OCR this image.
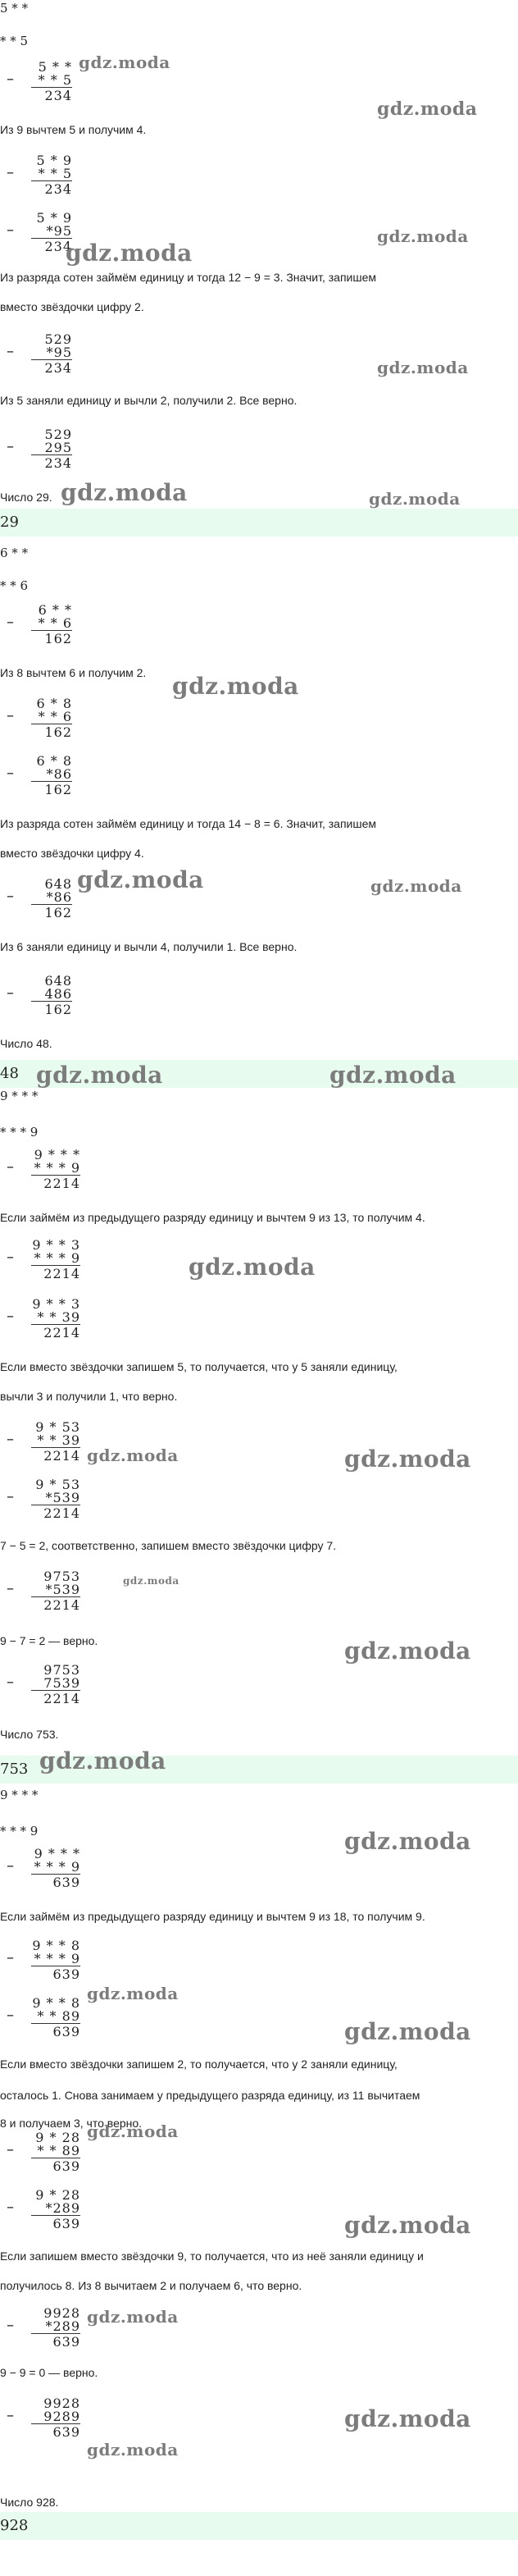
5 * *
* * 5
–
5 * *
* * 5
234
Из 9 вычтем 5 и получим 4.
–
5 * 9
* * 5
234
–
5 * 9
*95
234
Из разряда сотен займём единицу и тогда 12 − 9 = 3. Значит, запишем
вместо звёздочки цифру 2.
–
529
*95
234
Из 5 заняли единицу и вычли 2, получили 2. Все верно.
–
529
295
234
Число 29.
29
6 * *
* * 6
–
6 * *
* * 6
162
Из 8 вычтем 6 и получим 2.
–
6 * 8
* * 6
162
–
6 * 8
*86
162
Из разряда сотен займём единицу и тогда 14 − 8 = 6. Значит, запишем
вместо звёздочки цифру 4.
–
648
*86
162
Из 6 заняли единицу и вычли 4, получили 1. Все верно.
–
648
486
162
Число 48.
48
9 * * *
* * * 9
–
9 * * *
* * * 9
2214
Если займём из предыдущего разряду единицу и вычтем 9 из 13, то получим 4.
–
9 * * 3
* * * 9
2214
–
9 * * 3
* * 39
2214
Если вместо звёздочки запишем 5, то получается, что у 5 заняли единицу,
вычли 3 и получили 1, что верно.
–
9 * 53
* * 39
2214
–
9 * 53
*539
2214
7 − 5 = 2, соответственно, запишем вместо звёздочки цифру 7.
–
9753
*539
2214
9 − 7 = 2 — верно.
–
9753
7539
2214
Число 753.
753
9 * * *
* * * 9
–
9 * * *
* * * 9
639
Если займём из предыдущего разряду единицу и вычтем 9 из 18, то получим 9.
–
9 * * 8
* * * 9
639
–
9 * * 8
* * 89
639
Если вместо звёздочки запишем 2, то получается, что у 2 заняли единицу,
осталось 1. Снова занимаем у предыдущего разряда единицу, из 11 вычитаем
8 и получаем 3, что верно.
–
9 * 28
* * 89
639
–
9 * 28
*289
639
Если запишем вместо звёздочки 9, то получается, что из неё заняли единицу и
получилось 8. Из 8 вычитаем 2 и получаем 6, что верно.
–
9928
*289
639
9 − 9 = 0 — верно.
–
9928
9289
639
Число 928.
928
gdz.moda
gdz.moda
gdz.moda
gdz.moda
gdz.moda
gdz.moda	gdz.moda
gdz.moda
gdz.moda	gdz.moda
gdz.moda	gdz.moda
gdz.moda
gdz.moda	gdz.moda
gdz.moda
gdz.moda
gdz.moda
gdz.moda
gdz.moda
gdz.moda
gdz.moda
gdz.moda
gdz.moda
gdz.moda
gdz.moda
